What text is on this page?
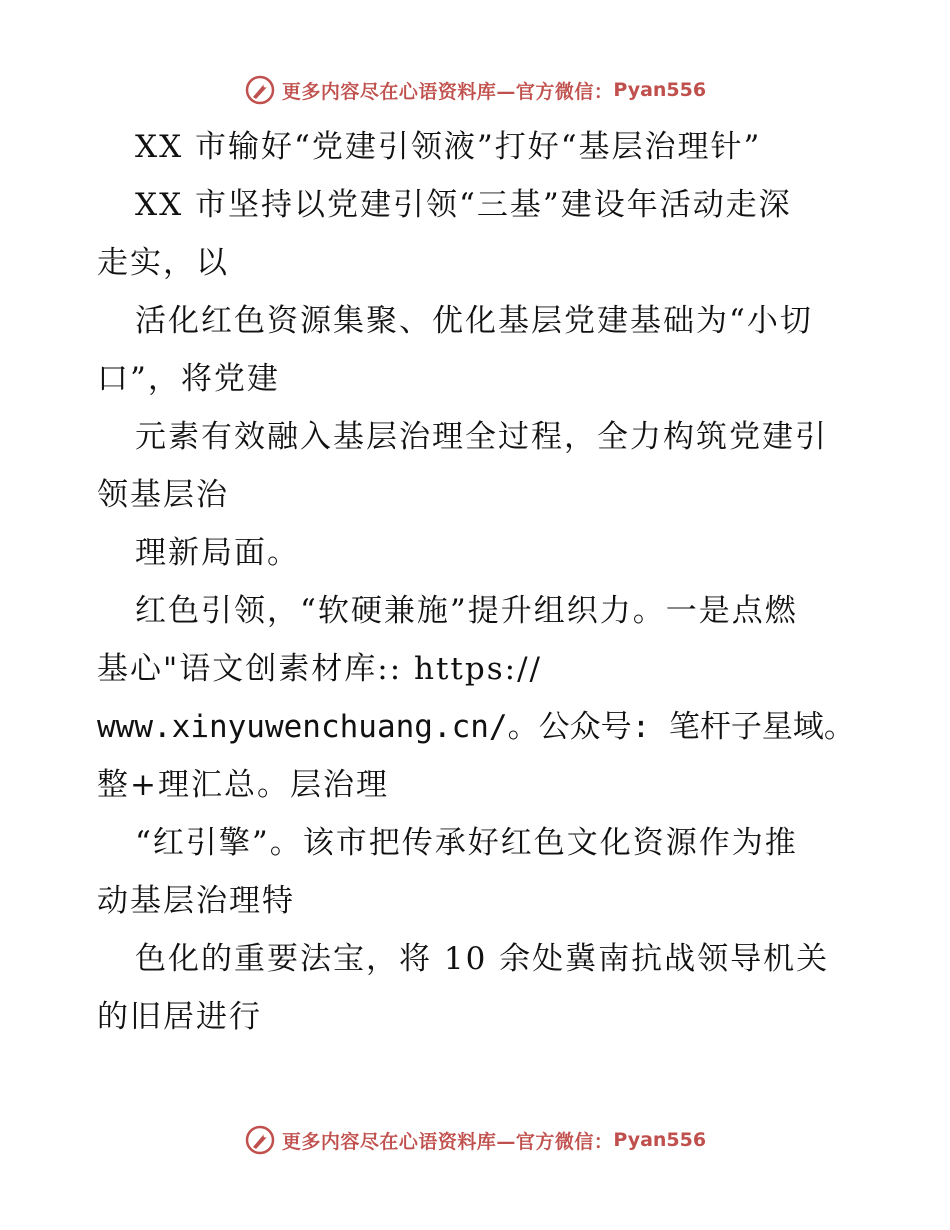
更多内容尽在心语资料库—官方微信： Pyan556
XX 市输好“党建引领液”打好“基层治理针”
XX 市坚持以党建引领“三基”建设年活动走深
走实，以
活化红色资源集聚、优化基层党建基础为“小切
口”，将党建
元素有效融入基层治理全过程，全力构筑党建引
领基层治
理新局面。
红色引领，“软硬兼施”提升组织力。一是点燃
基心"语文创素材库:: https://
www.xinyuwenchuang.cn/。公众号: 笔杆子星域。
整+理汇总。层治理
“红引擎”。该市把传承好红色文化资源作为推
动基层治理特
色化的重要法宝，将 10 余处冀南抗战领导机关
的旧居进行
更多内容尽在心语资料库—官方微信： Pyan556
